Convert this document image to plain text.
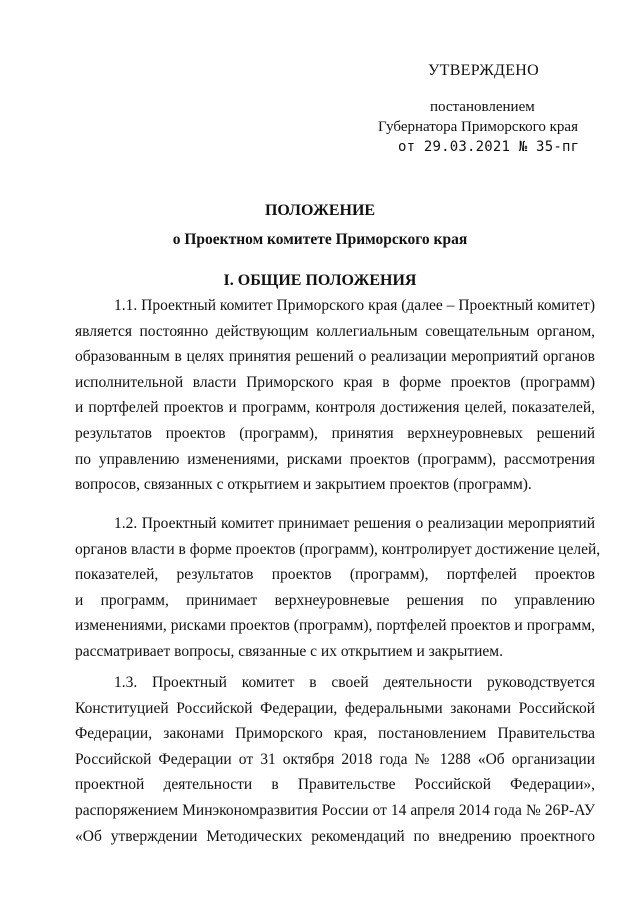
УТВЕРЖДЕНО
постановлением
Губернатора Приморского края
от 29.03.2021 № 35-пг
ПОЛОЖЕНИЕ
о Проектном комитете Приморского края
I. ОБЩИЕ ПОЛОЖЕНИЯ
1.1. Проектный комитет Приморского края (далее – Проектный комитет)
является постоянно действующим коллегиальным совещательным органом,
образованным в целях принятия решений о реализации мероприятий органов
исполнительной власти Приморского края в форме проектов (программ)
и портфелей проектов и программ, контроля достижения целей, показателей,
результатов проектов (программ), принятия верхнеуровневых решений
по управлению изменениями, рисками проектов (программ), рассмотрения
вопросов, связанных с открытием и закрытием проектов (программ).
1.2. Проектный комитет принимает решения о реализации мероприятий
органов власти в форме проектов (программ), контролирует достижение целей,
показателей, результатов проектов (программ), портфелей проектов
и программ, принимает верхнеуровневые решения по управлению
изменениями, рисками проектов (программ), портфелей проектов и программ,
рассматривает вопросы, связанные с их открытием и закрытием.
1.3. Проектный комитет в своей деятельности руководствуется
Конституцией Российской Федерации, федеральными законами Российской
Федерации, законами Приморского края, постановлением Правительства
Российской Федерации от 31 октября 2018 года № 1288 «Об организации
проектной деятельности в Правительстве Российской Федерации»,
распоряжением Минэкономразвития России от 14 апреля 2014 года № 26Р-АУ
«Об утверждении Методических рекомендаций по внедрению проектного
